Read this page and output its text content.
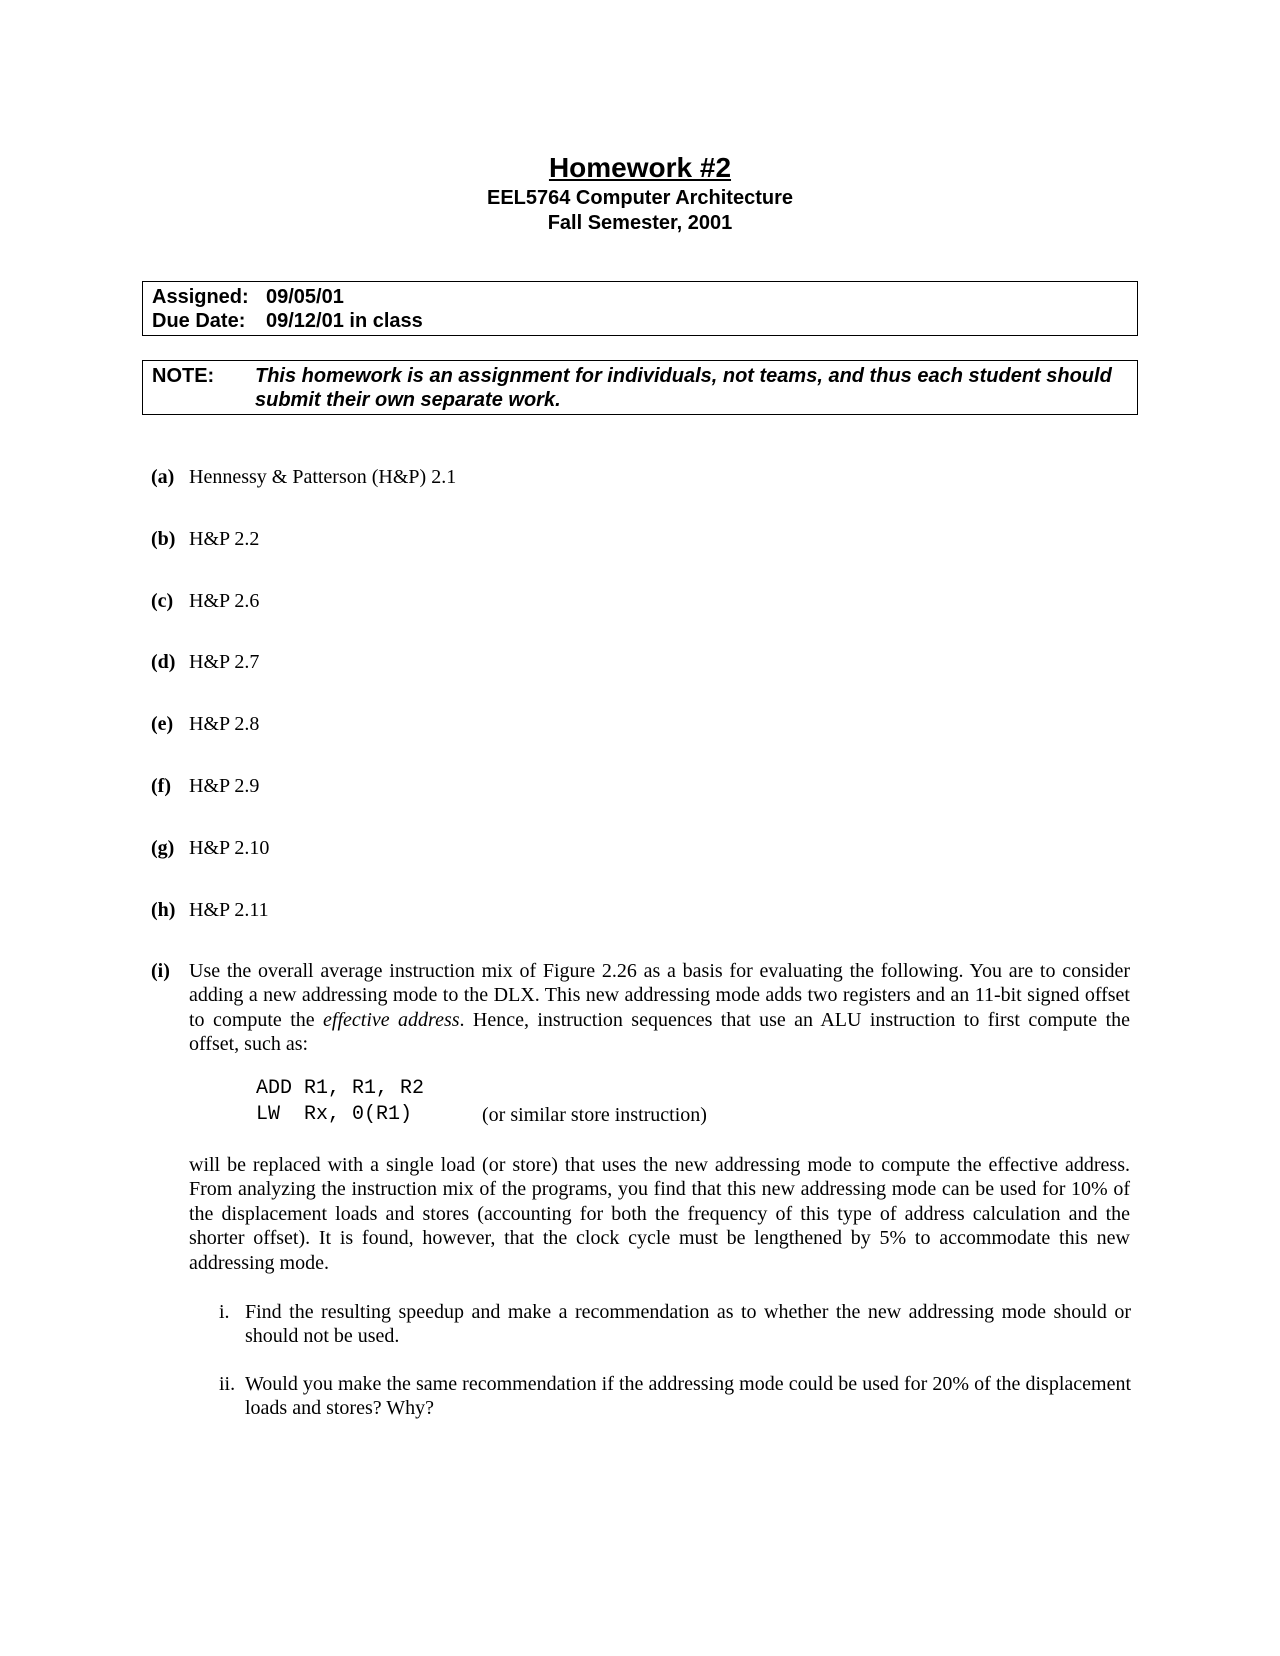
Homework #2
EEL5764 Computer Architecture
Fall Semester, 2001
Assigned: 09/05/01
Due Date: 09/12/01 in class
NOTE: This homework is an assignment for individuals, not teams, and thus each student should submit their own separate work.
(a) Hennessy & Patterson (H&P) 2.1
(b) H&P 2.2
(c) H&P 2.6
(d) H&P 2.7
(e) H&P 2.8
(f) H&P 2.9
(g) H&P 2.10
(h) H&P 2.11
(i) Use the overall average instruction mix of Figure 2.26 as a basis for evaluating the following. You are to consider adding a new addressing mode to the DLX. This new addressing mode adds two registers and an 11-bit signed offset to compute the effective address. Hence, instruction sequences that use an ALU instruction to first compute the offset, such as:
ADD R1, R1, R2
LW  Rx, 0(R1)	(or similar store instruction)
will be replaced with a single load (or store) that uses the new addressing mode to compute the effective address. From analyzing the instruction mix of the programs, you find that this new addressing mode can be used for 10% of the displacement loads and stores (accounting for both the frequency of this type of address calculation and the shorter offset). It is found, however, that the clock cycle must be lengthened by 5% to accommodate this new addressing mode.
i. Find the resulting speedup and make a recommendation as to whether the new addressing mode should or should not be used.
ii. Would you make the same recommendation if the addressing mode could be used for 20% of the displacement loads and stores? Why?
